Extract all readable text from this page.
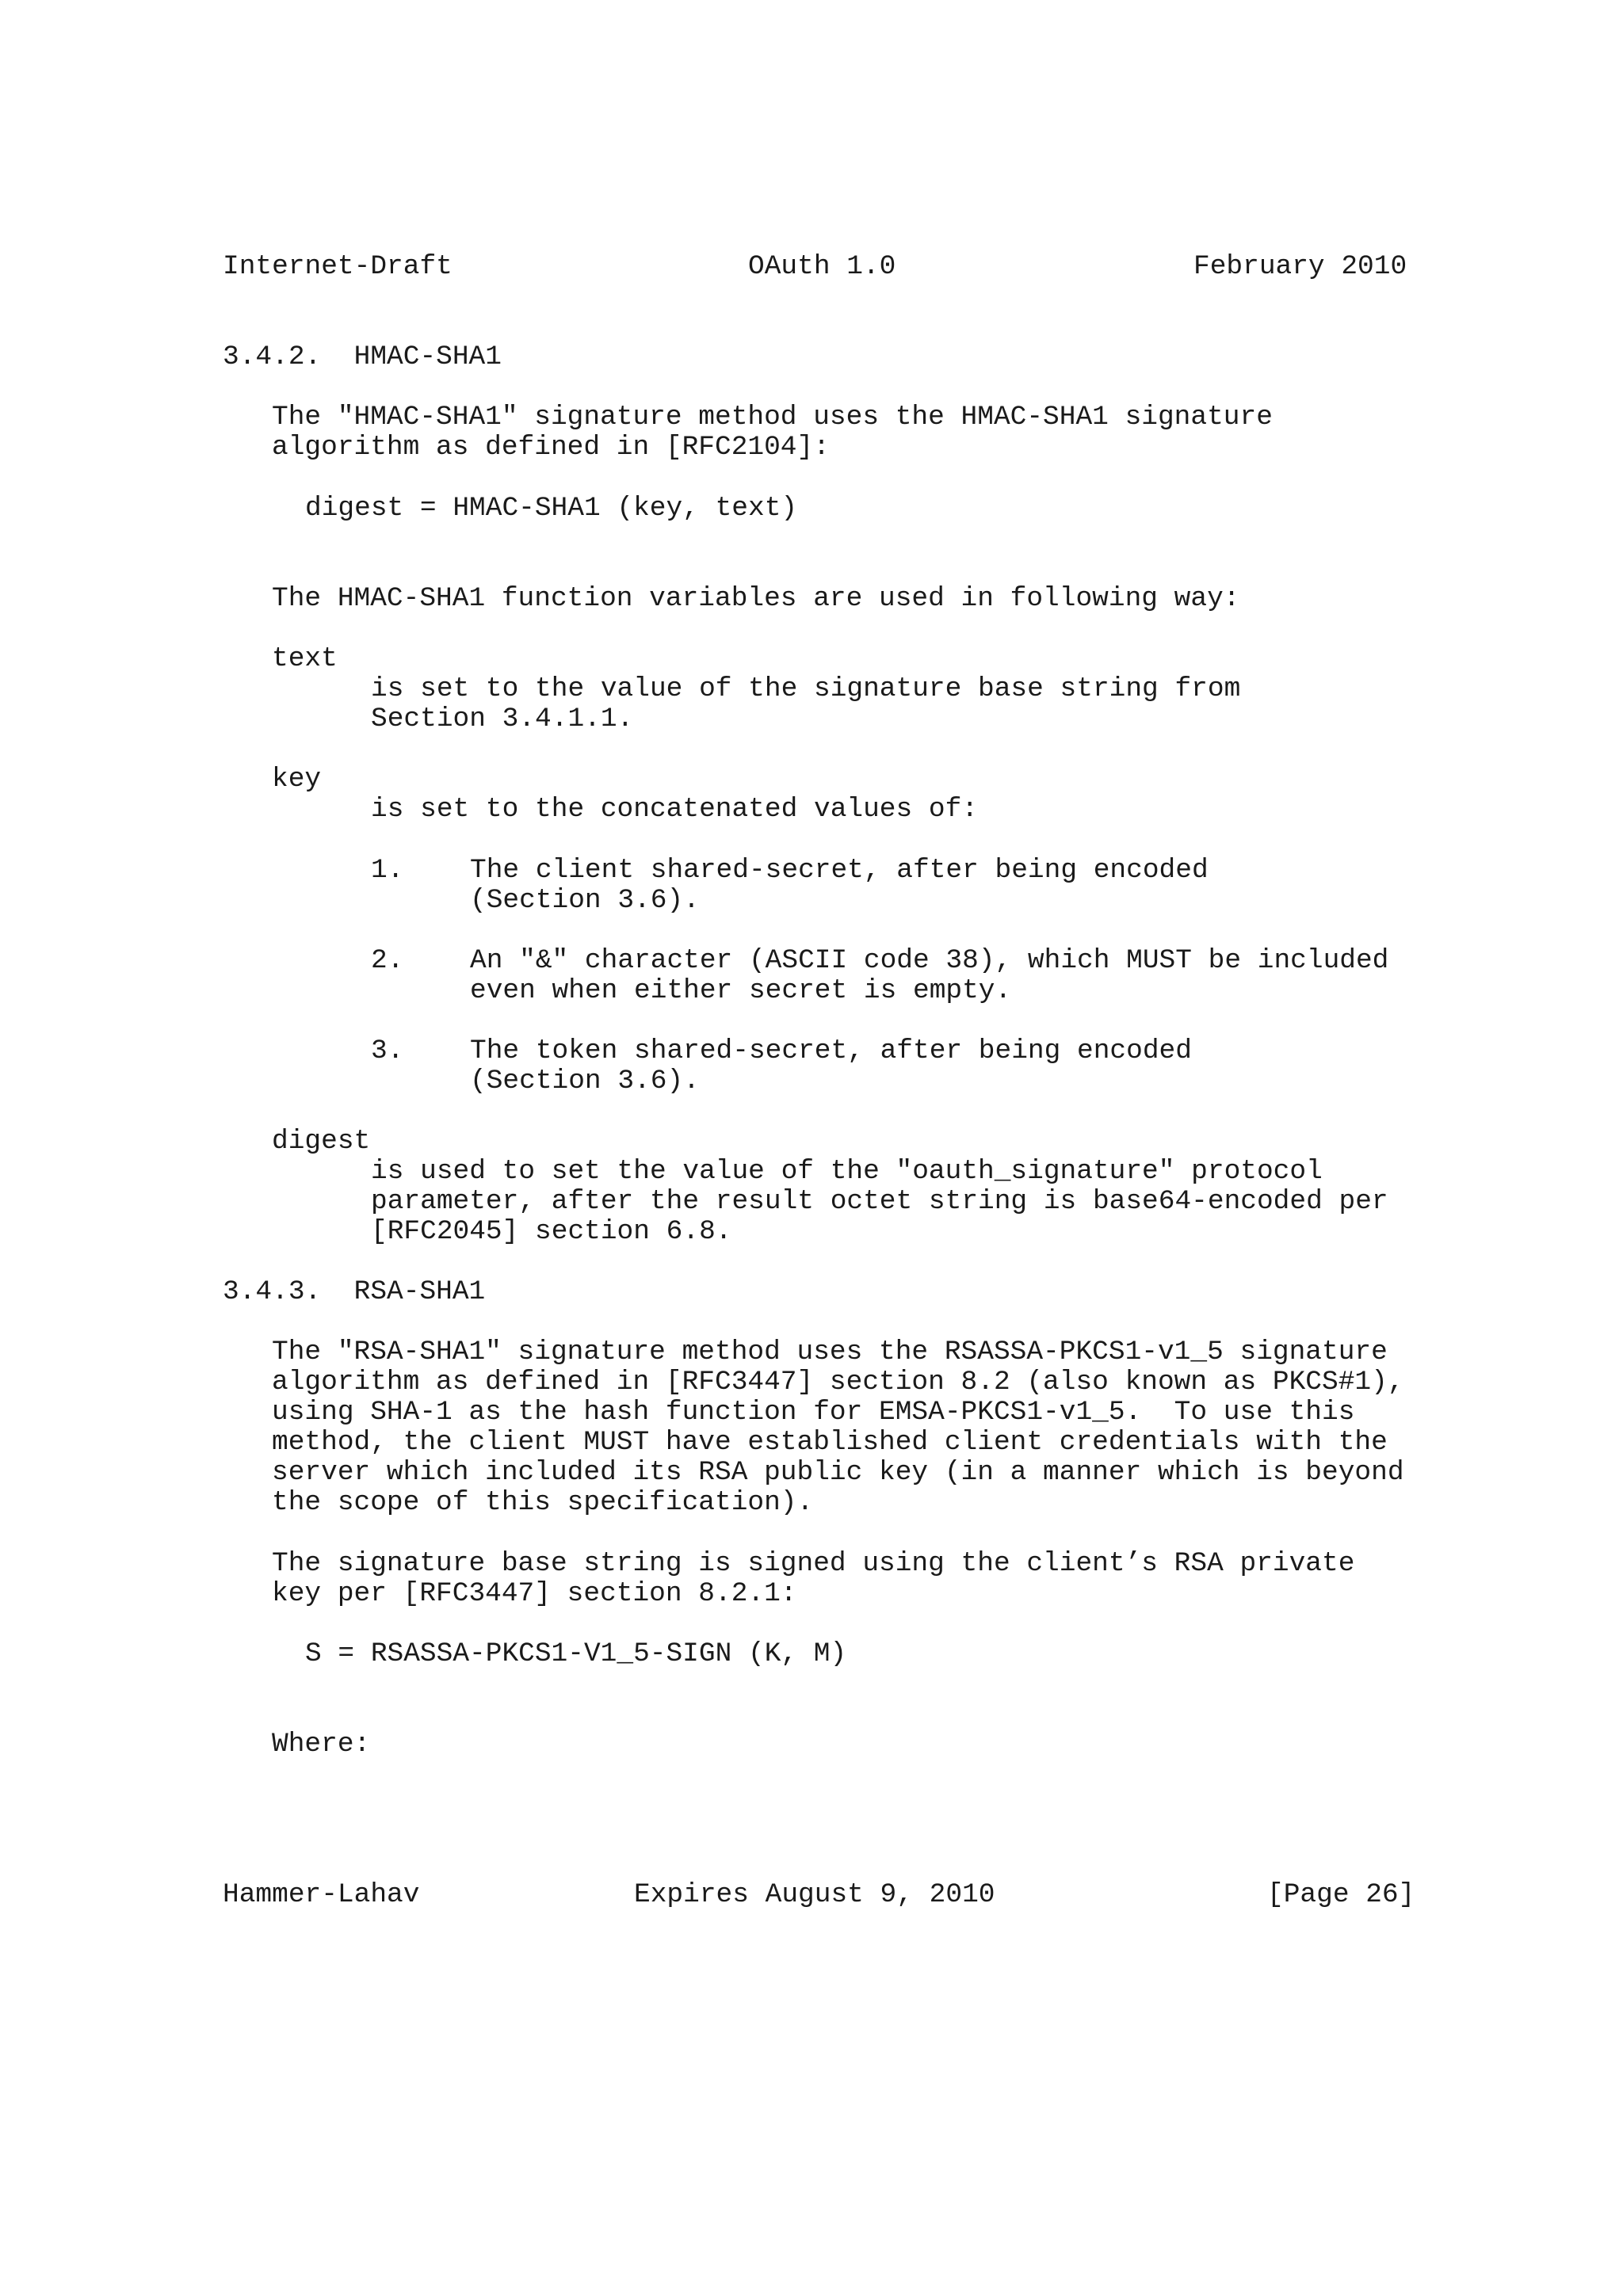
Internet-Draft	OAuth 1.0	February 2010
3.4.2.  HMAC-SHA1
The "HMAC-SHA1" signature method uses the HMAC-SHA1 signature
algorithm as defined in [RFC2104]:
digest = HMAC-SHA1 (key, text)
The HMAC-SHA1 function variables are used in following way:
text
is set to the value of the signature base string from
Section 3.4.1.1.
key
is set to the concatenated values of:
1. The client shared-secret, after being encoded
(Section 3.6).
2. An "&" character (ASCII code 38), which MUST be included
even when either secret is empty.
3. The token shared-secret, after being encoded
(Section 3.6).
digest
is used to set the value of the "oauth_signature" protocol
parameter, after the result octet string is base64-encoded per
[RFC2045] section 6.8.
3.4.3.  RSA-SHA1
The "RSA-SHA1" signature method uses the RSASSA-PKCS1-v1_5 signature
algorithm as defined in [RFC3447] section 8.2 (also known as PKCS#1),
using SHA-1 as the hash function for EMSA-PKCS1-v1_5.  To use this
method, the client MUST have established client credentials with the
server which included its RSA public key (in a manner which is beyond
the scope of this specification).
The signature base string is signed using the client’s RSA private
key per [RFC3447] section 8.2.1:
S = RSASSA-PKCS1-V1_5-SIGN (K, M)
Where:
Hammer-Lahav	Expires August 9, 2010	[Page 26]
